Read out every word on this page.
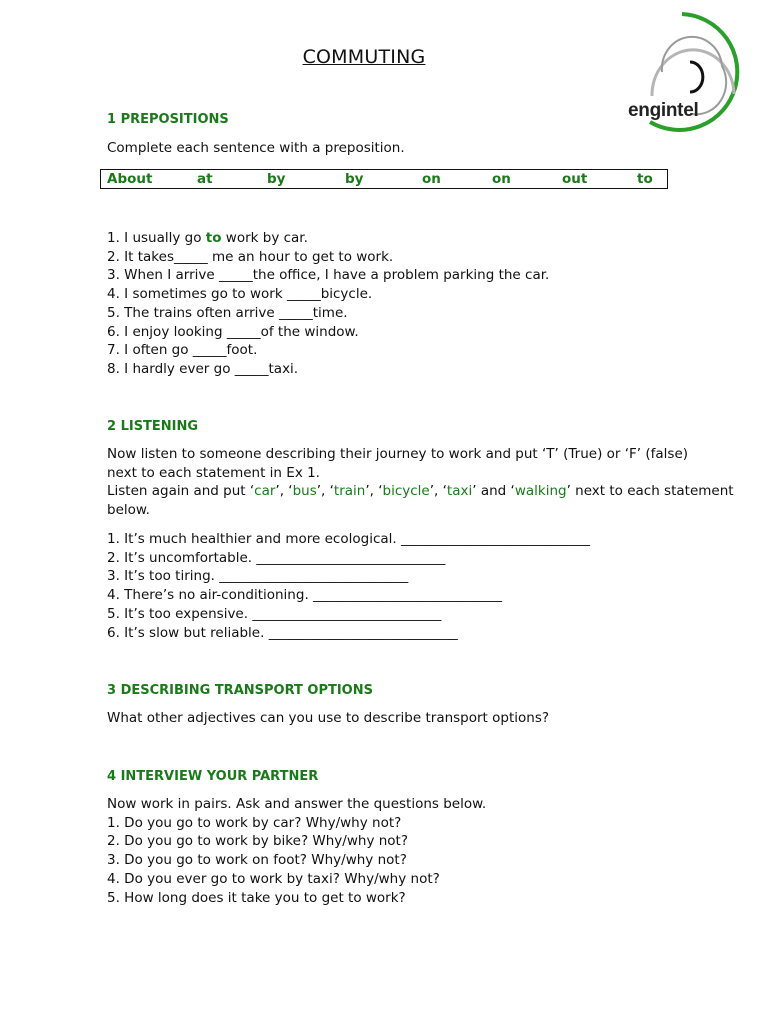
COMMUTING
engintel
1 PREPOSITIONS
Complete each sentence with a preposition.
About	at	by	by	on	on	out	to
1. I usually go to work by car.
2. It takes_____ me an hour to get to work.
3. When I arrive _____the office, I have a problem parking the car.
4. I sometimes go to work _____bicycle.
5. The trains often arrive _____time.
6. I enjoy looking _____of the window.
7. I often go _____foot.
8. I hardly ever go _____taxi.
2 LISTENING
Now listen to someone describing their journey to work and put ‘T’ (True) or ‘F’ (false)
next to each statement in Ex 1.
Listen again and put ‘car’, ‘bus’, ‘train’, ‘bicycle’, ‘taxi’ and ‘walking’ next to each statement
below.
1. It’s much healthier and more ecological. ____________________________
2. It’s uncomfortable. ____________________________
3. It’s too tiring. ____________________________
4. There’s no air-conditioning. ____________________________
5. It’s too expensive. ____________________________
6. It’s slow but reliable. ____________________________
3 DESCRIBING TRANSPORT OPTIONS
What other adjectives can you use to describe transport options?
4 INTERVIEW YOUR PARTNER
Now work in pairs. Ask and answer the questions below.
1. Do you go to work by car? Why/why not?
2. Do you go to work by bike? Why/why not?
3. Do you go to work on foot? Why/why not?
4. Do you ever go to work by taxi? Why/why not?
5. How long does it take you to get to work?
